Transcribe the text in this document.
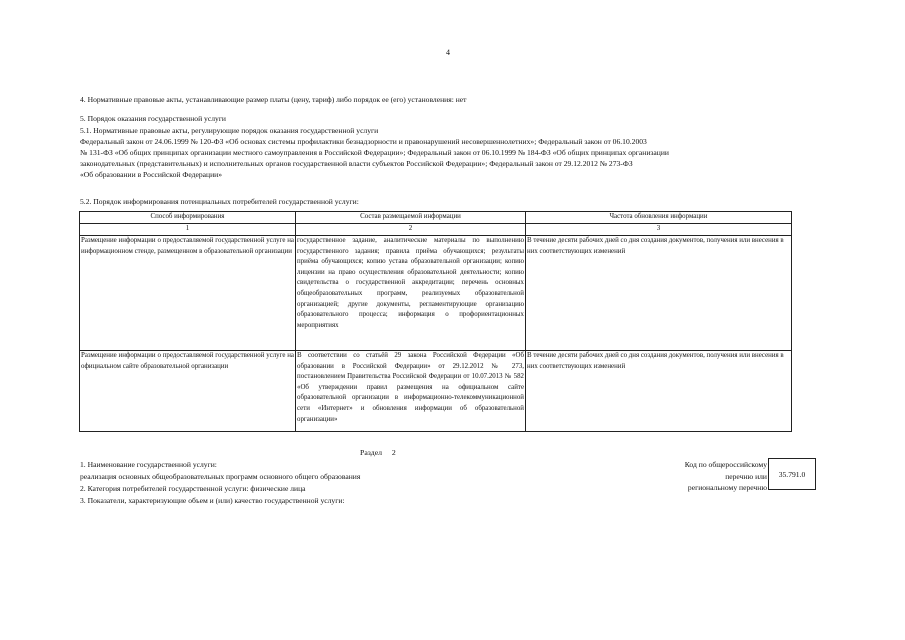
4
4. Нормативные правовые акты, устанавливающие размер платы (цену, тариф) либо порядок ее (его) установления: нет
5. Порядок оказания государственной услуги
5.1. Нормативные правовые акты, регулирующие порядок оказания государственной услуги
Федеральный закон от 24.06.1999 № 120-ФЗ «Об основах системы профилактики безнадзорности и правонарушений несовершеннолетних»; Федеральный закон от 06.10.2003
№ 131-ФЗ «Об общих принципах организации местного самоуправления в Российской Федерации»; Федеральный закон от 06.10.1999 № 184-ФЗ «Об общих принципах организации
законодательных (представительных) и исполнительных органов государственной власти субъектов Российской Федерации»; Федеральный закон от 29.12.2012 № 273-ФЗ
«Об образовании в Российской Федерации»
5.2. Порядок информирования потенциальных потребителей государственной услуги:
Способ информирования	Состав размещаемой информации	Частота обновления информации
1	2	3
Размещение информации о предоставляемой государственной услуге на информационном стенде, размещенном в образовательной организации	государственное задание, аналитические материалы по выполнению государственного задания; правила приёма обучающихся; результаты приёма обучающихся; копию устава образовательной организации; копию лицензии на право осуществления образовательной деятельности; копию свидетельства о государственной аккредитации; перечень основных общеобразовательных программ, реализуемых образовательной организацией; другие документы, регламентирующие организацию образовательного процесса; информация о профориентационных мероприятиях	В течение десяти рабочих дней со дня создания документов, получения или внесения в них соответствующих изменений
Размещение информации о предоставляемой государственной услуге на официальном сайте образовательной организации	В соответствии со статьёй 29 закона Российской Федерации «Об образовании в Российской Федерации» от 29.12.2012 № 273, постановлением Правительства Российской Федерации от 10.07.2013 № 582 «Об утверждении правил размещения на официальном сайте образовательной организации в информационно-телекоммуникационной сети «Интернет» и обновления информации об образовательной организации»	В течение десяти рабочих дней со дня создания документов, получения или внесения в них соответствующих изменений
Раздел 2
1. Наименование государственной услуги:
реализация основных общеобразовательных программ основного общего образования
2. Категория потребителей государственной услуги: физические лица
3. Показатели, характеризующие объем и (или) качество государственной услуги:
Код по общероссийскому
перечню или
региональному перечню
35.791.0
